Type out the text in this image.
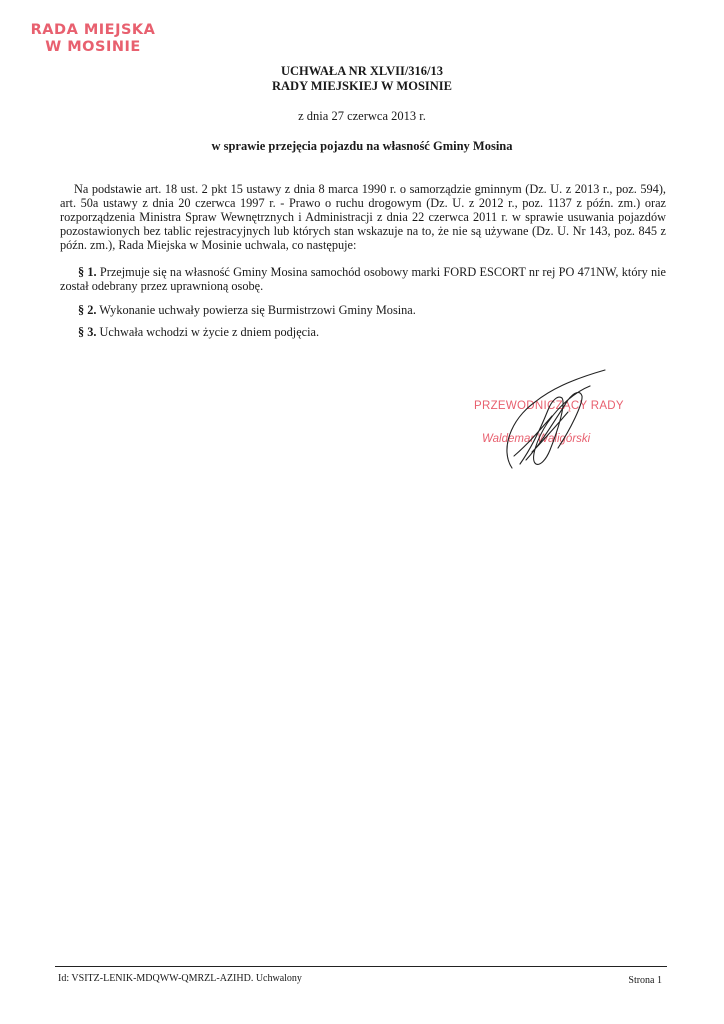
RADA MIEJSKA
W MOSINIE
UCHWAŁA NR XLVII/316/13
RADY MIEJSKIEJ W MOSINIE
z dnia 27 czerwca 2013 r.
w sprawie przejęcia pojazdu na własność Gminy Mosina
Na podstawie art. 18 ust. 2 pkt 15 ustawy z dnia 8 marca 1990 r. o samorządzie gminnym (Dz. U. z 2013 r., poz. 594), art. 50a ustawy z dnia 20 czerwca 1997 r. - Prawo o ruchu drogowym (Dz. U. z 2012 r., poz. 1137 z późn. zm.) oraz rozporządzenia Ministra Spraw Wewnętrznych i Administracji z dnia 22 czerwca 2011 r. w sprawie usuwania pojazdów pozostawionych bez tablic rejestracyjnych lub których stan wskazuje na to, że nie są używane (Dz. U. Nr 143, poz. 845 z późn. zm.), Rada Miejska w Mosinie uchwala, co następuje:
§ 1. Przejmuje się na własność Gminy Mosina samochód osobowy marki FORD ESCORT nr rej PO 471NW, który nie został odebrany przez uprawnioną osobę.
§ 2. Wykonanie uchwały powierza się Burmistrzowi Gminy Mosina.
§ 3. Uchwała wchodzi w życie z dniem podjęcia.
PRZEWODNICZĄCY RADY
Waldemar Waligórski
Id: VSITZ-LENIK-MDQWW-QMRZL-AZIHD. Uchwalony	Strona 1
